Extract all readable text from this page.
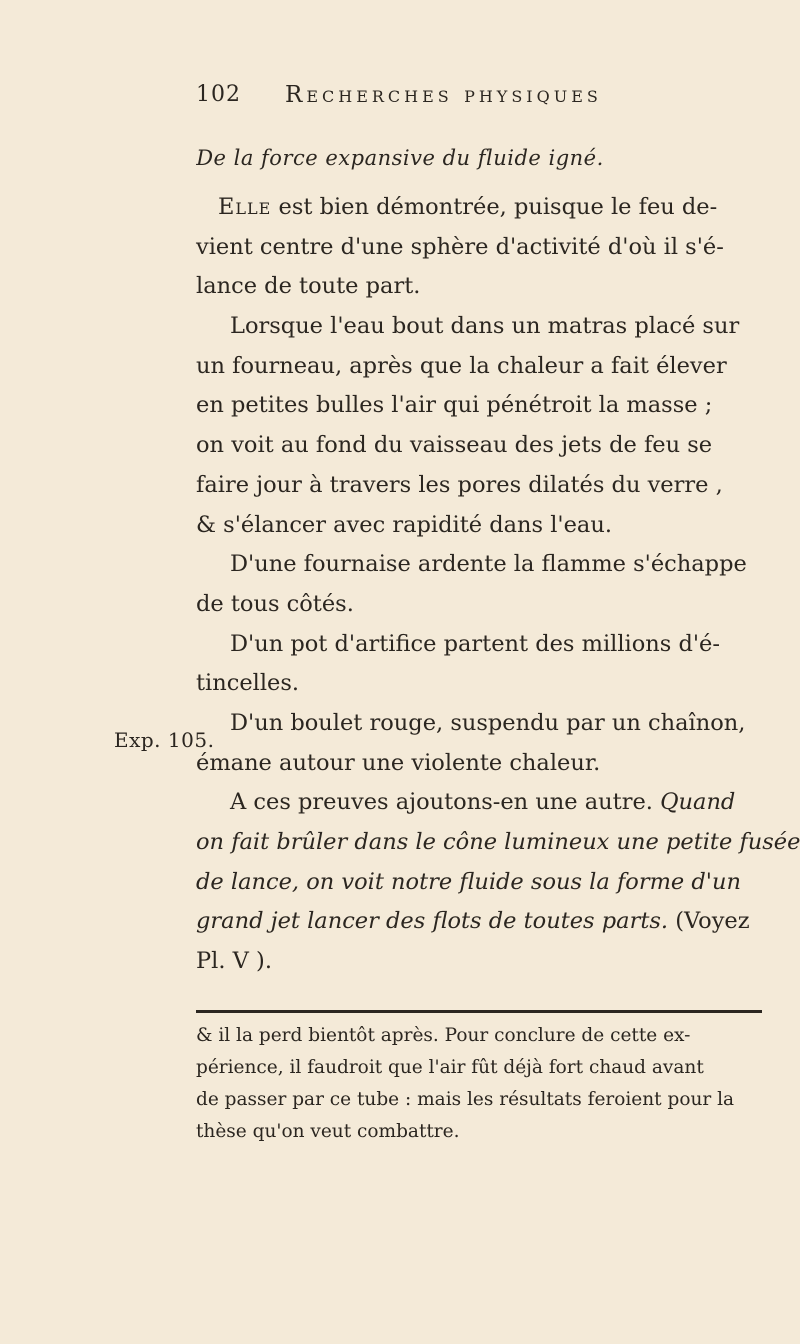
102 Recherches physiques
De la force expansive du fluide igné.
Elle est bien démontrée, puisque le feu de-
vient centre d'une sphère d'activité d'où il s'é-
lance de toute part.
Lorsque l'eau bout dans un matras placé sur
un fourneau, après que la chaleur a fait élever
en petites bulles l'air qui pénétroit la masse ;
on voit au fond du vaisseau des jets de feu se
faire jour à travers les pores dilatés du verre ,
& s'élancer avec rapidité dans l'eau.
D'une fournaise ardente la flamme s'échappe
de tous côtés.
D'un pot d'artifice partent des millions d'é-
tincelles.
D'un boulet rouge, suspendu par un chaînon,
émane autour une violente chaleur.
A ces preuves ajoutons-en une autre. Quand
on fait brûler dans le cône lumineux une petite fusée
de lance, on voit notre fluide sous la forme d'un
grand jet lancer des flots de toutes parts. (Voyez
Pl. V ).
Exp. 105.
& il la perd bientôt après. Pour conclure de cette ex-
périence, il faudroit que l'air fût déjà fort chaud avant
de passer par ce tube : mais les résultats feroient pour la
thèse qu'on veut combattre.
